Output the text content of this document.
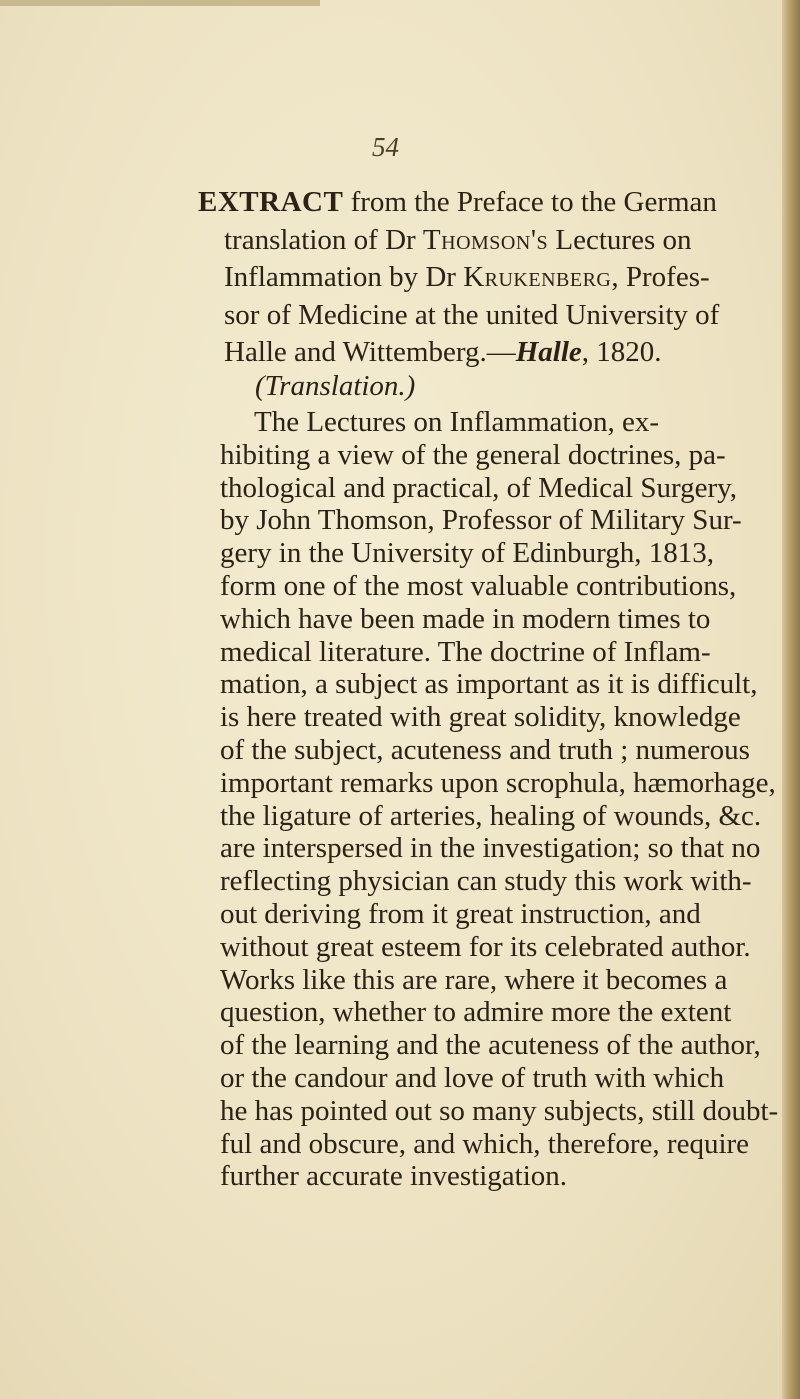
54
EXTRACT from the Preface to the German
translation of Dr Thomson's Lectures on
Inflammation by Dr Krukenberg, Profes-
sor of Medicine at the united University of
Halle and Wittemberg.—Halle, 1820.
(Translation.)
The Lectures on Inflammation, ex-
hibiting a view of the general doctrines, pa-
thological and practical, of Medical Surgery,
by John Thomson, Professor of Military Sur-
gery in the University of Edinburgh, 1813,
form one of the most valuable contributions,
which have been made in modern times to
medical literature. The doctrine of Inflam-
mation, a subject as important as it is difficult,
is here treated with great solidity, knowledge
of the subject, acuteness and truth ; numerous
important remarks upon scrophula, hæmorhage,
the ligature of arteries, healing of wounds, &c.
are interspersed in the investigation; so that no
reflecting physician can study this work with-
out deriving from it great instruction, and
without great esteem for its celebrated author.
Works like this are rare, where it becomes a
question, whether to admire more the extent
of the learning and the acuteness of the author,
or the candour and love of truth with which
he has pointed out so many subjects, still doubt-
ful and obscure, and which, therefore, require
further accurate investigation.
